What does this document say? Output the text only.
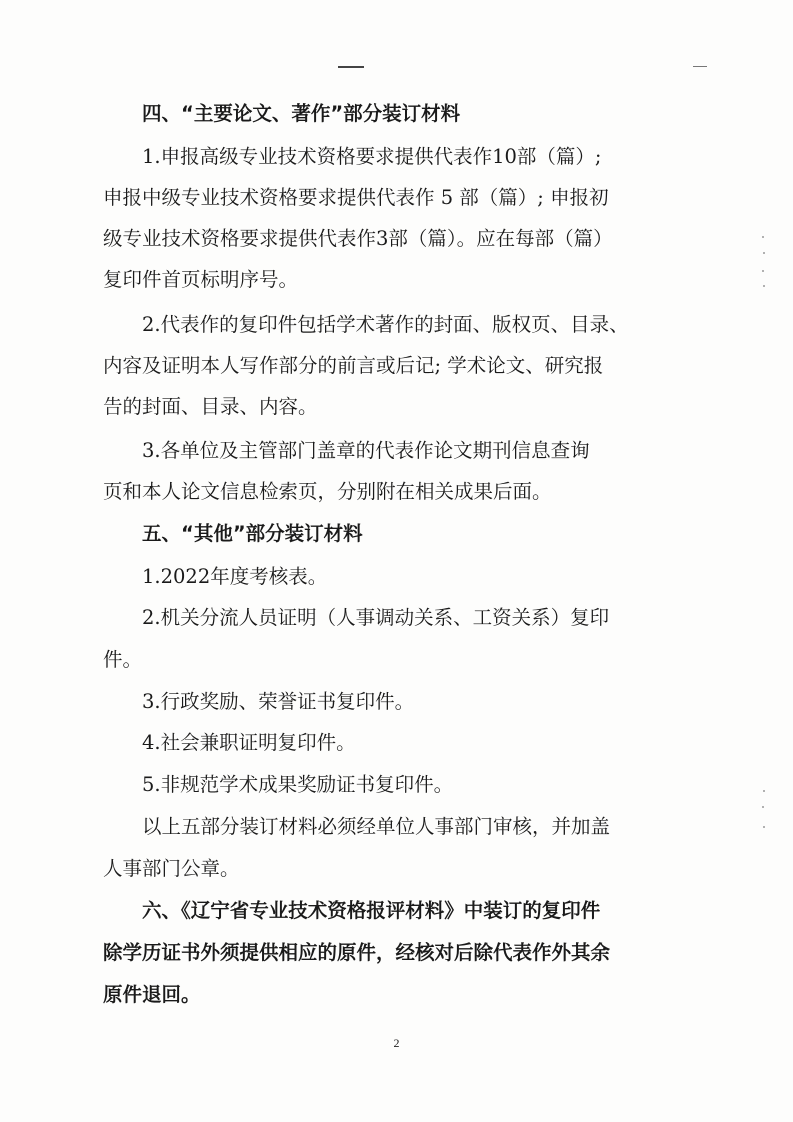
四、“主要论文、著作”部分装订材料
1.申报高级专业技术资格要求提供代表作10部（篇）;
申报中级专业技术资格要求提供代表作 5 部（篇）; 申报初
级专业技术资格要求提供代表作3部（篇）。应在每部（篇）
复印件首页标明序号。
2.代表作的复印件包括学术著作的封面、版权页、目录、
内容及证明本人写作部分的前言或后记; 学术论文、研究报
告的封面、目录、内容。
3.各单位及主管部门盖章的代表作论文期刊信息查询
页和本人论文信息检索页，分别附在相关成果后面。
五、“其他”部分装订材料
1.2022年度考核表。
2.机关分流人员证明（人事调动关系、工资关系）复印
件。
3.行政奖励、荣誉证书复印件。
4.社会兼职证明复印件。
5.非规范学术成果奖励证书复印件。
以上五部分装订材料必须经单位人事部门审核，并加盖
人事部门公章。
六、《辽宁省专业技术资格报评材料》中装订的复印件
除学历证书外须提供相应的原件，经核对后除代表作外其余
原件退回。
2
